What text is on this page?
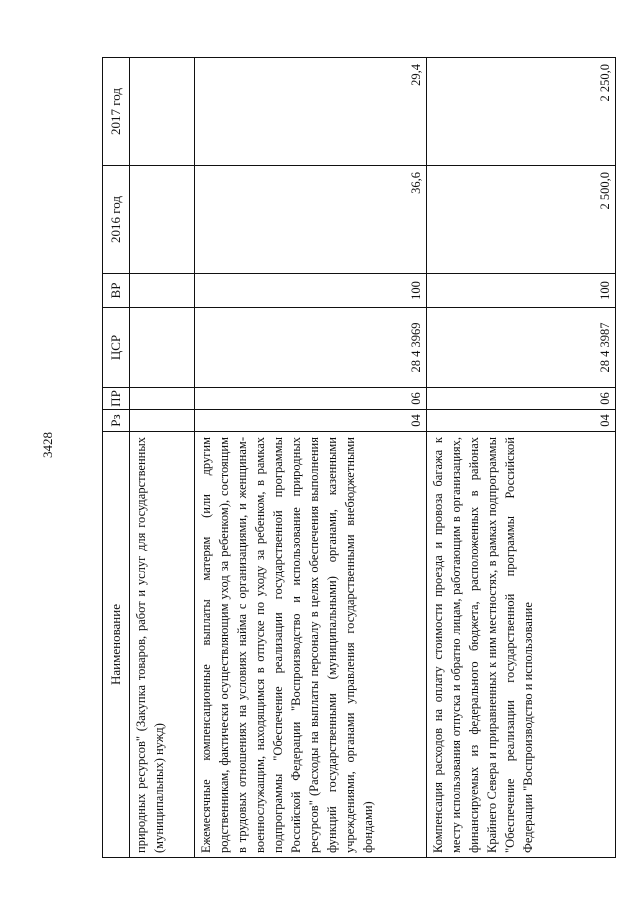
3428
Наименование	Рз	ПР	ЦСР	ВР	2016 год	2017 год
природных ресурсов" (Закупка товаров, работ и услуг для государственных (муниципальных) нужд)						
Ежемесячные компенсационные выплаты матерям (или другим родственникам, фактически осуществляющим уход за ребенком), состоящим в трудовых отношениях на условиях найма с организациями, и женщинам-военнослужащим, находящимся в отпуске по уходу за ребенком, в рамках подпрограммы "Обеспечение реализации государственной программы Российской Федерации "Воспроизводство и использование природных ресурсов" (Расходы на выплаты персоналу в целях обеспечения выполнения функций государственными (муниципальными) органами, казенными учреждениями, органами управления государственными внебюджетными фондами)	04	06	28 4 3969	100	36,6	29,4
Компенсация расходов на оплату стоимости проезда и провоза багажа к месту использования отпуска и обратно лицам, работающим в организациях, финансируемых из федерального бюджета, расположенных в районах Крайнего Севера и приравненных к ним местностях, в рамках подпрограммы "Обеспечение реализации государственной программы Российской Федерации "Воспроизводство и использование	04	06	28 4 3987	100	2 500,0	2 250,0
